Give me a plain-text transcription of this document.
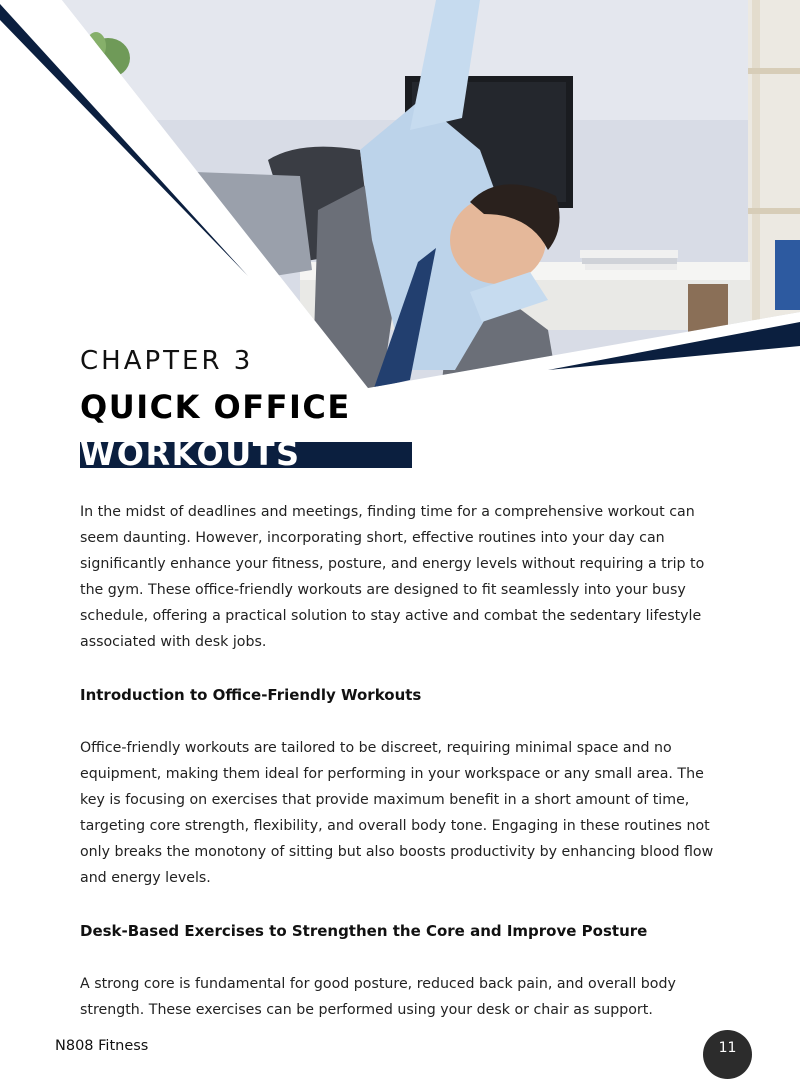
CHAPTER 3

QUICK OFFICE
WORKOUTS

In the midst of deadlines and meetings, finding time for a comprehensive workout can seem daunting. However, incorporating short, effective routines into your day can significantly enhance your fitness, posture, and energy levels without requiring a trip to the gym. These office-friendly workouts are designed to fit seamlessly into your busy schedule, offering a practical solution to stay active and combat the sedentary lifestyle associated with desk jobs.

Introduction to Office-Friendly Workouts

Office-friendly workouts are tailored to be discreet, requiring minimal space and no equipment, making them ideal for performing in your workspace or any small area. The key is focusing on exercises that provide maximum benefit in a short amount of time, targeting core strength, flexibility, and overall body tone. Engaging in these routines not only breaks the monotony of sitting but also boosts productivity by enhancing blood flow and energy levels.

Desk-Based Exercises to Strengthen the Core and Improve Posture

A strong core is fundamental for good posture, reduced back pain, and overall body strength. These exercises can be performed using your desk or chair as support.

N808 Fitness	11
